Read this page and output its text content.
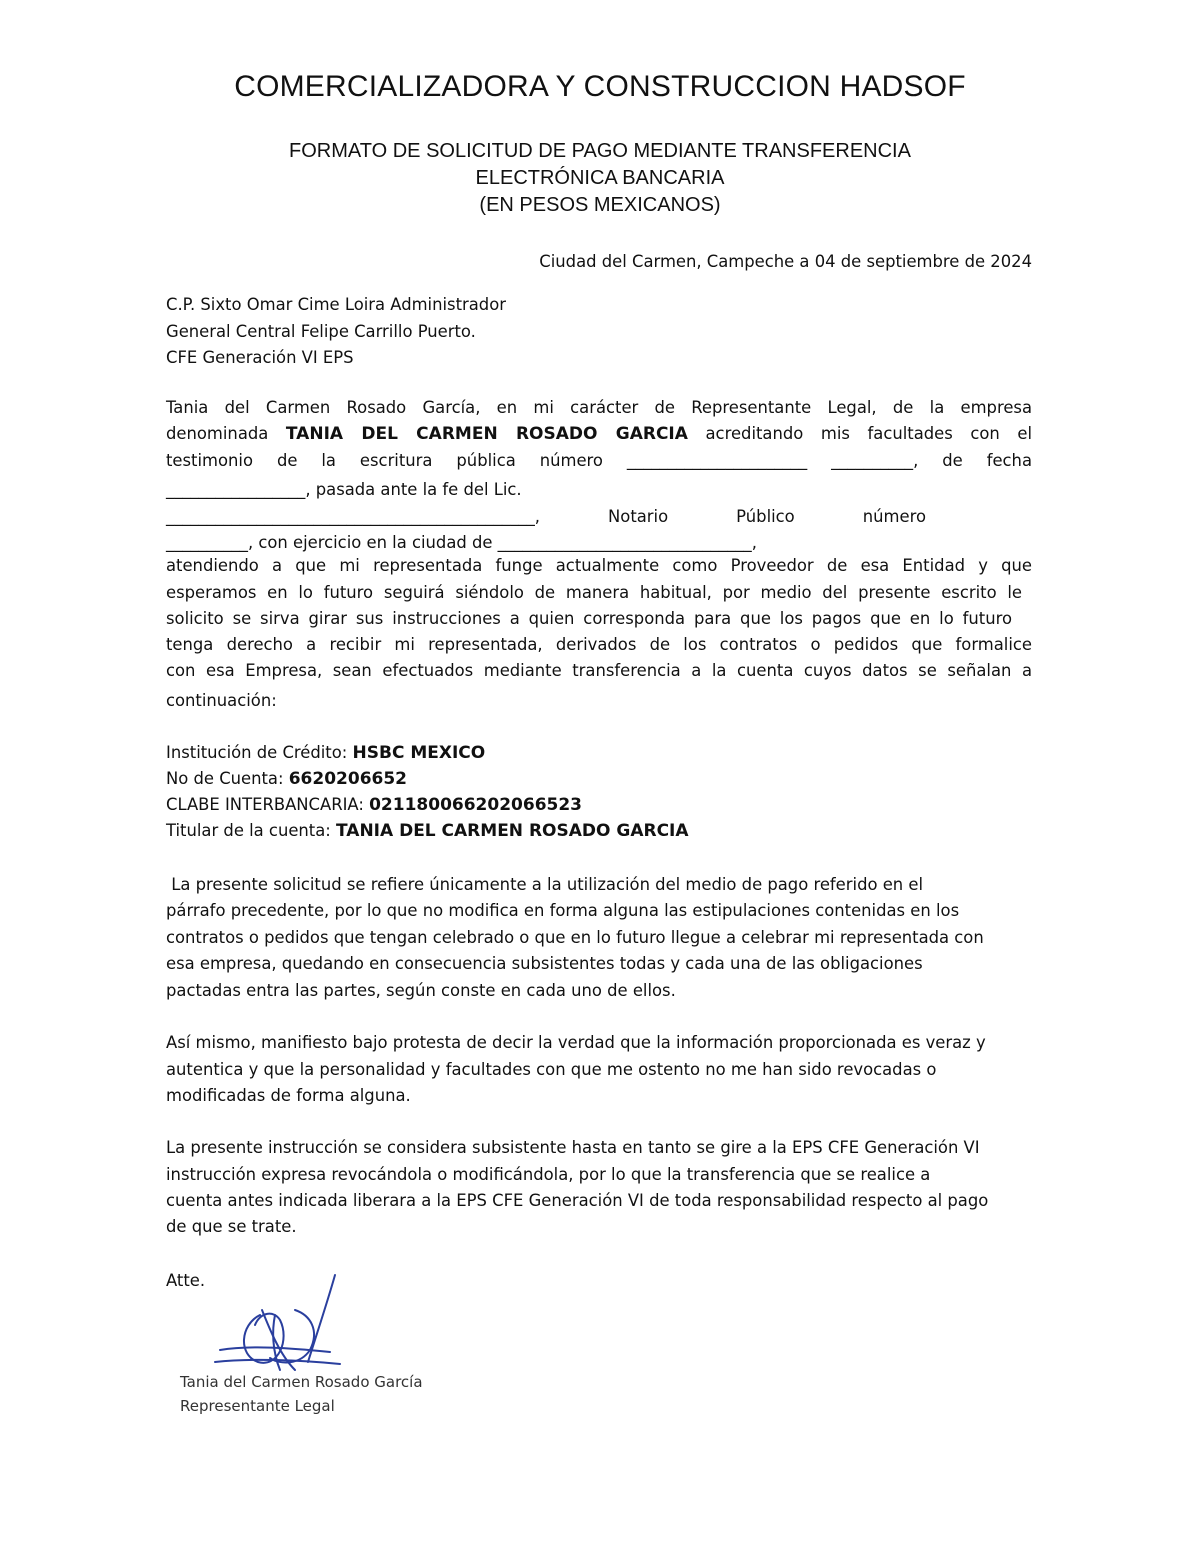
COMERCIALIZADORA Y CONSTRUCCION HADSOF
FORMATO DE SOLICITUD DE PAGO MEDIANTE TRANSFERENCIA
ELECTRÓNICA BANCARIA
(EN PESOS MEXICANOS)
Ciudad del Carmen, Campeche a 04 de septiembre de 2024
C.P. Sixto Omar Cime Loira Administrador
General Central Felipe Carrillo Puerto.
CFE Generación VI EPS
Tania del Carmen Rosado García, en mi carácter de Representante Legal, de la empresa
denominada TANIA DEL CARMEN ROSADO GARCIA acreditando mis facultades con el
testimonio de la escritura pública número ______________________ __________, de fecha
_________________, pasada ante la fe del Lic.
_____________________________________________, Notario Público número
__________, con ejercicio en la ciudad de _______________________________,
atendiendo a que mi representada funge actualmente como Proveedor de esa Entidad y que
esperamos en lo futuro seguirá siéndolo de manera habitual, por medio del presente escrito le
solicito se sirva girar sus instrucciones a quien corresponda para que los pagos que en lo futuro
tenga derecho a recibir mi representada, derivados de los contratos o pedidos que formalice
con esa Empresa, sean efectuados mediante transferencia a la cuenta cuyos datos se señalan a
continuación:
Institución de Crédito: HSBC MEXICO
No de Cuenta: 6620206652
CLABE INTERBANCARIA: 021180066202066523
Titular de la cuenta: TANIA DEL CARMEN ROSADO GARCIA
La presente solicitud se refiere únicamente a la utilización del medio de pago referido en el
párrafo precedente, por lo que no modifica en forma alguna las estipulaciones contenidas en los
contratos o pedidos que tengan celebrado o que en lo futuro llegue a celebrar mi representada con
esa empresa, quedando en consecuencia subsistentes todas y cada una de las obligaciones
pactadas entra las partes, según conste en cada uno de ellos.
Así mismo, manifiesto bajo protesta de decir la verdad que la información proporcionada es veraz y
autentica y que la personalidad y facultades con que me ostento no me han sido revocadas o
modificadas de forma alguna.
La presente instrucción se considera subsistente hasta en tanto se gire a la EPS CFE Generación VI
instrucción expresa revocándola o modificándola, por lo que la transferencia que se realice a
cuenta antes indicada liberara a la EPS CFE Generación VI de toda responsabilidad respecto al pago
de que se trate.
Atte.
Tania del Carmen Rosado García
Representante Legal
